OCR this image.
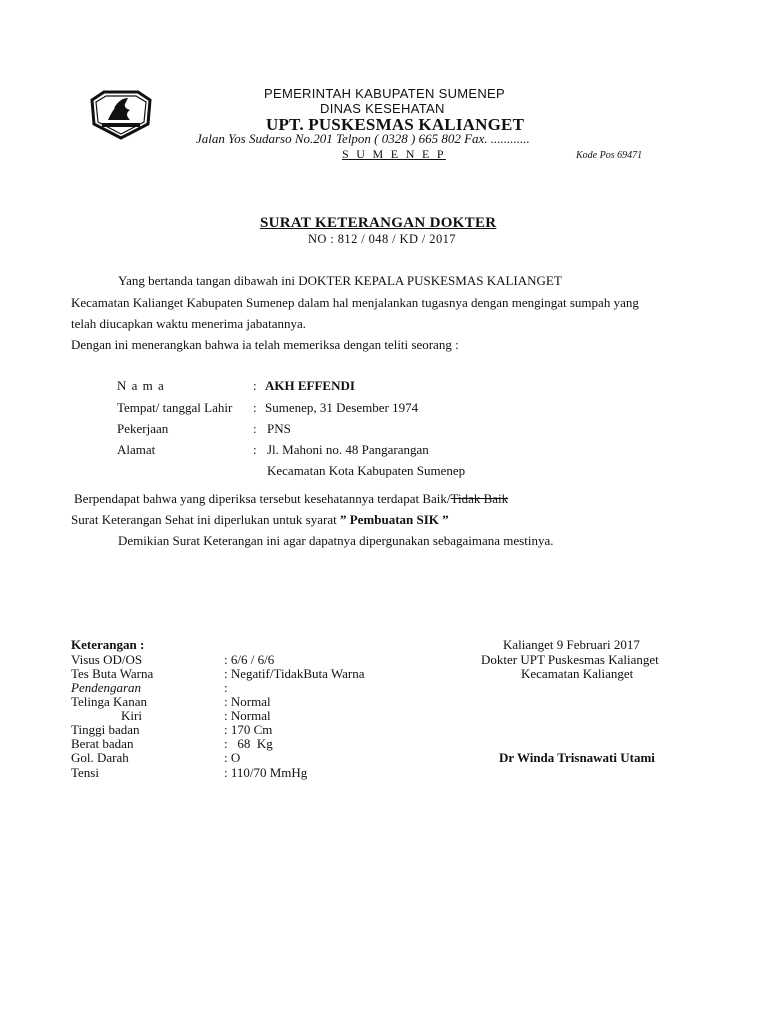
PEMERINTAH KABUPATEN SUMENEP
DINAS KESEHATAN
UPT. PUSKESMAS KALIANGET
Jalan Yos Sudarso No.201 Telpon ( 0328 ) 665 802 Fax. ............
S U M E N E P	Kode Pos 69471
SURAT KETERANGAN DOKTER
NO : 812 / 048 / KD / 2017
Yang bertanda tangan dibawah ini DOKTER KEPALA PUSKESMAS KALIANGET
Kecamatan Kalianget Kabupaten Sumenep dalam hal menjalankan tugasnya dengan mengingat sumpah yang
telah diucapkan waktu menerima jabatannya.
Dengan ini menerangkan bahwa ia telah memeriksa dengan teliti seorang :
N a m a	: AKH EFFENDI
Tempat/ tanggal Lahir : Sumenep, 31 Desember 1974
Pekerjaan	: PNS
Alamat	: Jl. Mahoni no. 48 Pangarangan
Kecamatan Kota Kabupaten Sumenep
Berpendapat bahwa yang diperiksa tersebut kesehatannya terdapat Baik/Tidak Baik
Surat Keterangan Sehat ini diperlukan untuk syarat ” Pembuatan SIK ”
Demikian Surat Keterangan ini agar dapatnya dipergunakan sebagaimana mestinya.
Keterangan :
Visus OD/OS	: 6/6 / 6/6
Tes Buta Warna	: Negatif/TidakButa Warna
Pendengaran	:
Telinga Kanan	: Normal
Kiri	: Normal
Tinggi badan	: 170 Cm
Berat badan	:   68  Kg
Gol. Darah	: O
Tensi	: 110/70 MmHg
Kalianget 9 Februari 2017
Dokter UPT Puskesmas Kalianget
Kecamatan Kalianget
Dr Winda Trisnawati Utami
